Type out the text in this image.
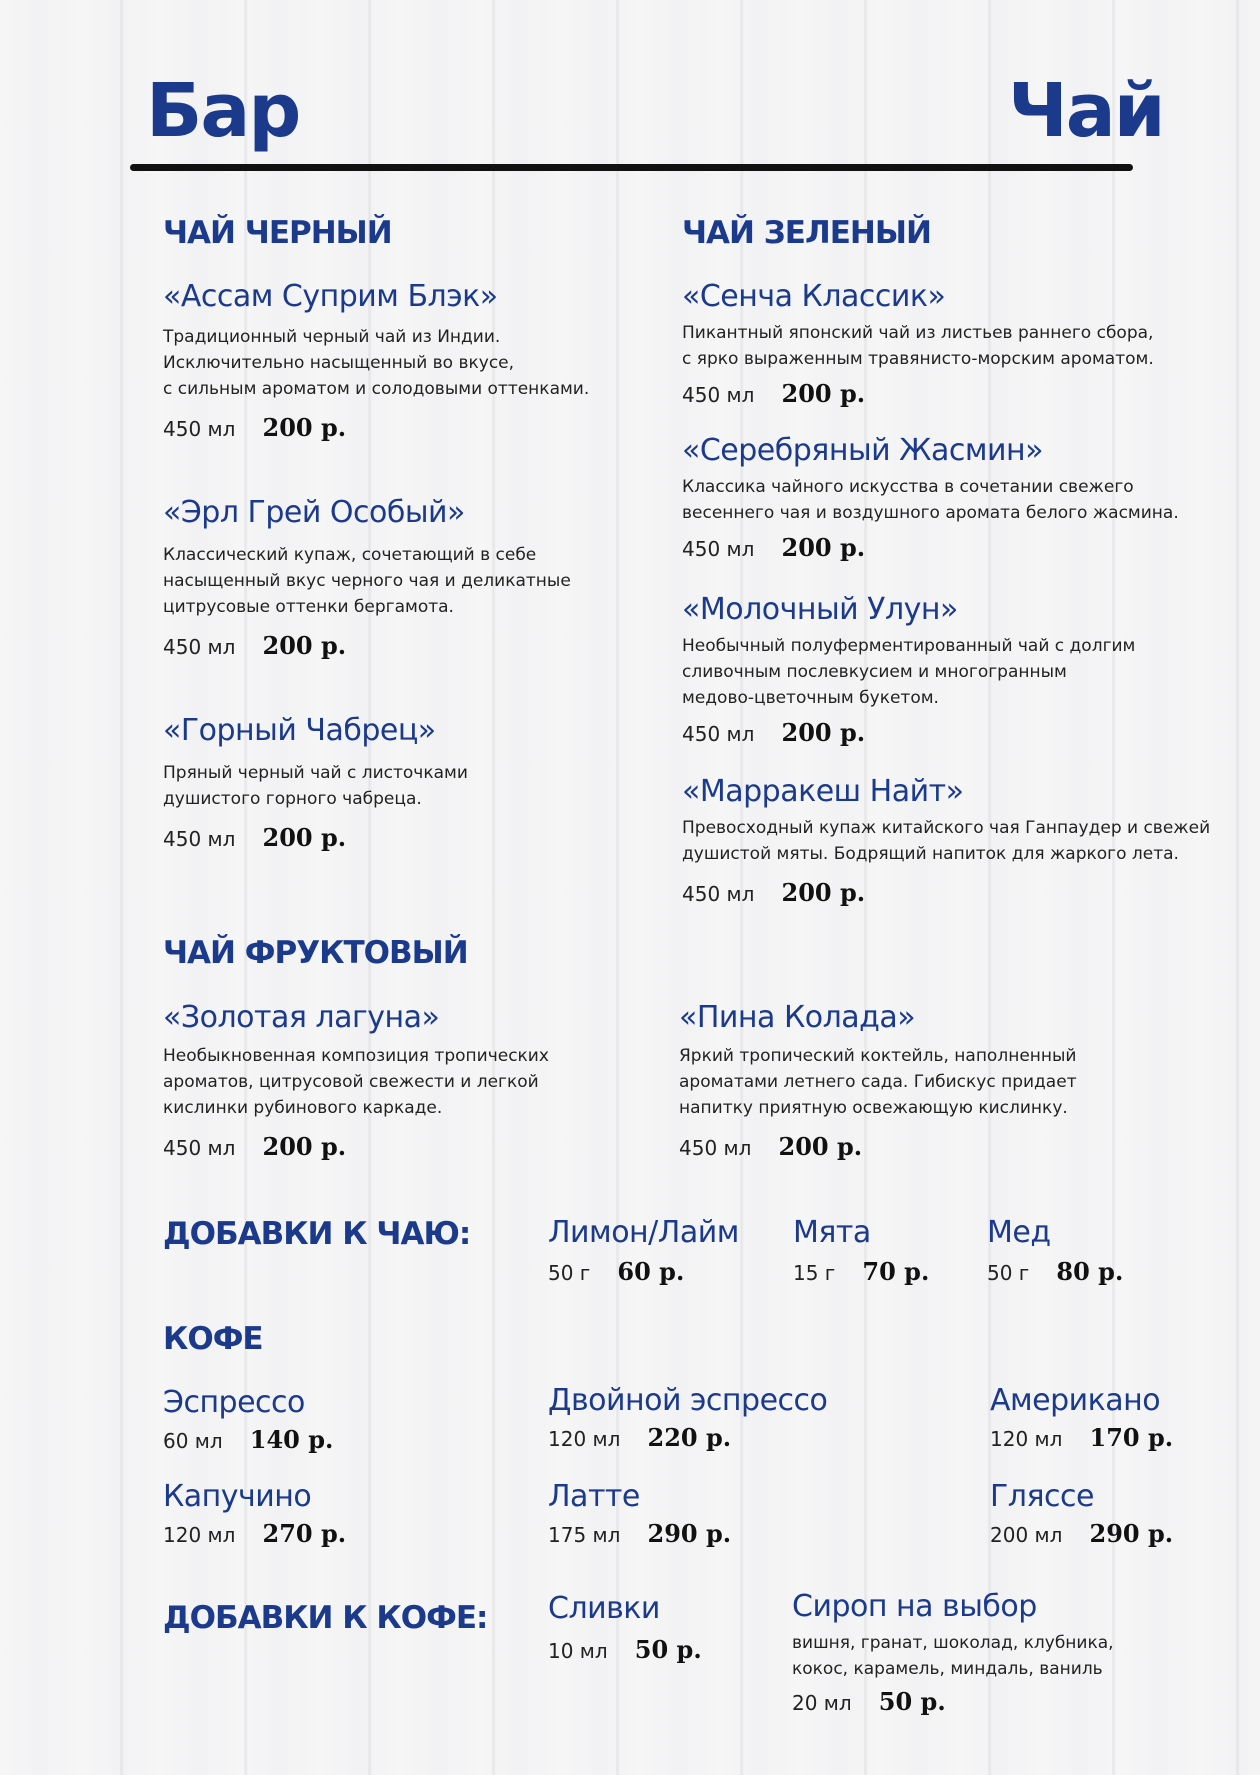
Бар	Чай
ЧАЙ ЧЕРНЫЙ
«Ассам Суприм Блэк»
Традиционный черный чай из Индии.
Исключительно насыщенный во вкусе,
с сильным ароматом и солодовыми оттенками.
450 мл 200 р.
«Эрл Грей Особый»
Классический купаж, сочетающий в себе
насыщенный вкус черного чая и деликатные
цитрусовые оттенки бергамота.
450 мл 200 р.
«Горный Чабрец»
Пряный черный чай с листочками
душистого горного чабреца.
450 мл 200 р.
ЧАЙ ЗЕЛЕНЫЙ
«Сенча Классик»
Пикантный японский чай из листьев раннего сбора,
с ярко выраженным травянисто-морским ароматом.
450 мл 200 р.
«Серебряный Жасмин»
Классика чайного искусства в сочетании свежего
весеннего чая и воздушного аромата белого жасмина.
450 мл 200 р.
«Молочный Улун»
Необычный полуферментированный чай с долгим
сливочным послевкусием и многогранным
медово-цветочным букетом.
450 мл 200 р.
«Марракеш Найт»
Превосходный купаж китайского чая Ганпаудер и свежей
душистой мяты. Бодрящий напиток для жаркого лета.
450 мл 200 р.
ЧАЙ ФРУКТОВЫЙ
«Золотая лагуна»
Необыкновенная композиция тропических
ароматов, цитрусовой свежести и легкой
кислинки рубинового каркаде.
450 мл 200 р.
«Пина Колада»
Яркий тропический коктейль, наполненный
ароматами летнего сада. Гибискус придает
напитку приятную освежающую кислинку.
450 мл 200 р.
ДОБАВКИ К ЧАЮ:	Лимон/Лайм
50 г 60 р.
Мята
15 г 70 р.
Мед
50 г 80 р.
КОФЕ
Эспрессо
60 мл 140 р.
Двойной эспрессо
120 мл 220 р.
Американо
120 мл 170 р.
Капучино
120 мл 270 р.
Латте
175 мл 290 р.
Гляссе
200 мл 290 р.
ДОБАВКИ К КОФЕ: Сливки
10 мл 50 р.
Сироп на выбор
вишня, гранат, шоколад, клубника,
кокос, карамель, миндаль, ваниль
20 мл 50 р.
